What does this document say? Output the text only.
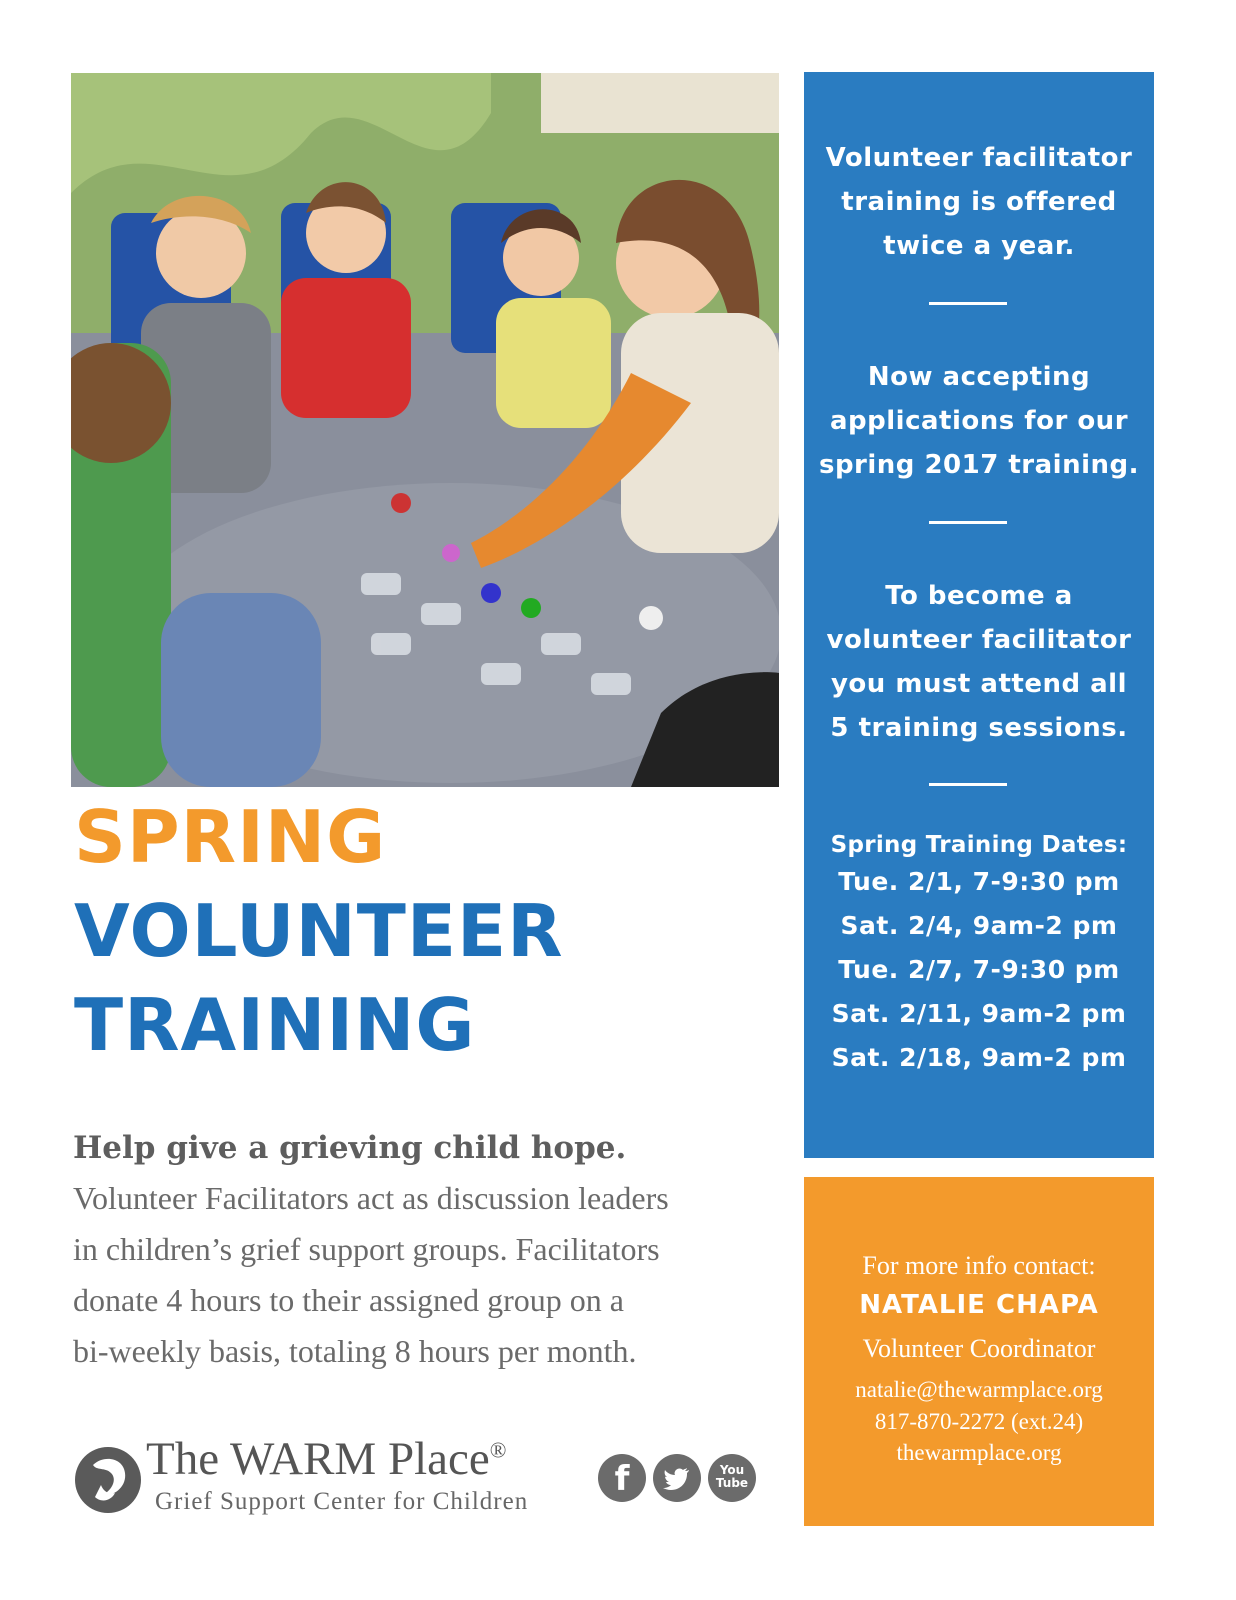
Volunteer facilitator
training is offered
twice a year.
Now accepting
applications for our
spring 2017 training.
To become a
volunteer facilitator
you must attend all
5 training sessions.
Spring Training Dates:
Tue. 2/1, 7-9:30 pm
Sat. 2/4, 9am-2 pm
Tue. 2/7, 7-9:30 pm
Sat. 2/11, 9am-2 pm
Sat. 2/18, 9am-2 pm
For more info contact:
NATALIE CHAPA
Volunteer Coordinator
natalie@thewarmplace.org
817-870-2272 (ext.24)
thewarmplace.org
SPRING
VOLUNTEER
TRAINING
Help give a grieving child hope.
Volunteer Facilitators act as discussion leaders
in children’s grief support groups. Facilitators
donate 4 hours to their assigned group on a
bi-weekly basis, totaling 8 hours per month.
The WARM Place®
Grief Support Center for Children
f	You
Tube
